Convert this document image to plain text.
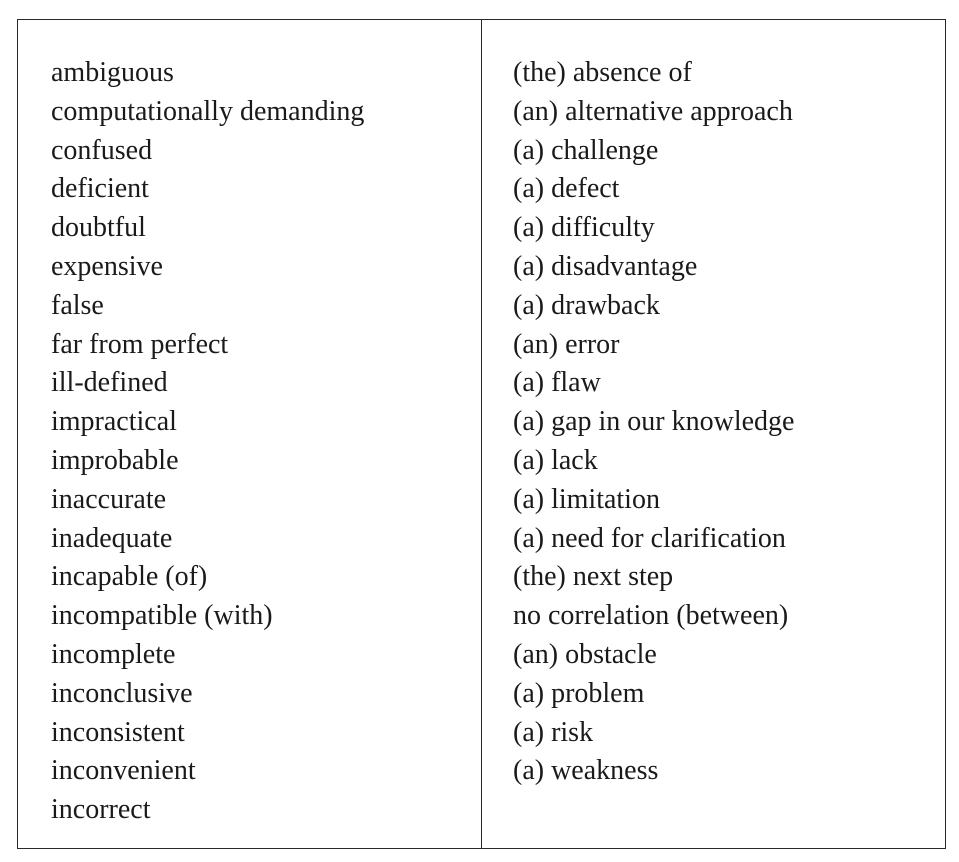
ambiguous
computationally demanding
confused
deficient
doubtful
expensive
false
far from perfect
ill-defined
impractical
improbable
inaccurate
inadequate
incapable (of)
incompatible (with)
incomplete
inconclusive
inconsistent
inconvenient
incorrect
(the) absence of
(an) alternative approach
(a) challenge
(a) defect
(a) difficulty
(a) disadvantage
(a) drawback
(an) error
(a) flaw
(a) gap in our knowledge
(a) lack
(a) limitation
(a) need for clarification
(the) next step
no correlation (between)
(an) obstacle
(a) problem
(a) risk
(a) weakness
